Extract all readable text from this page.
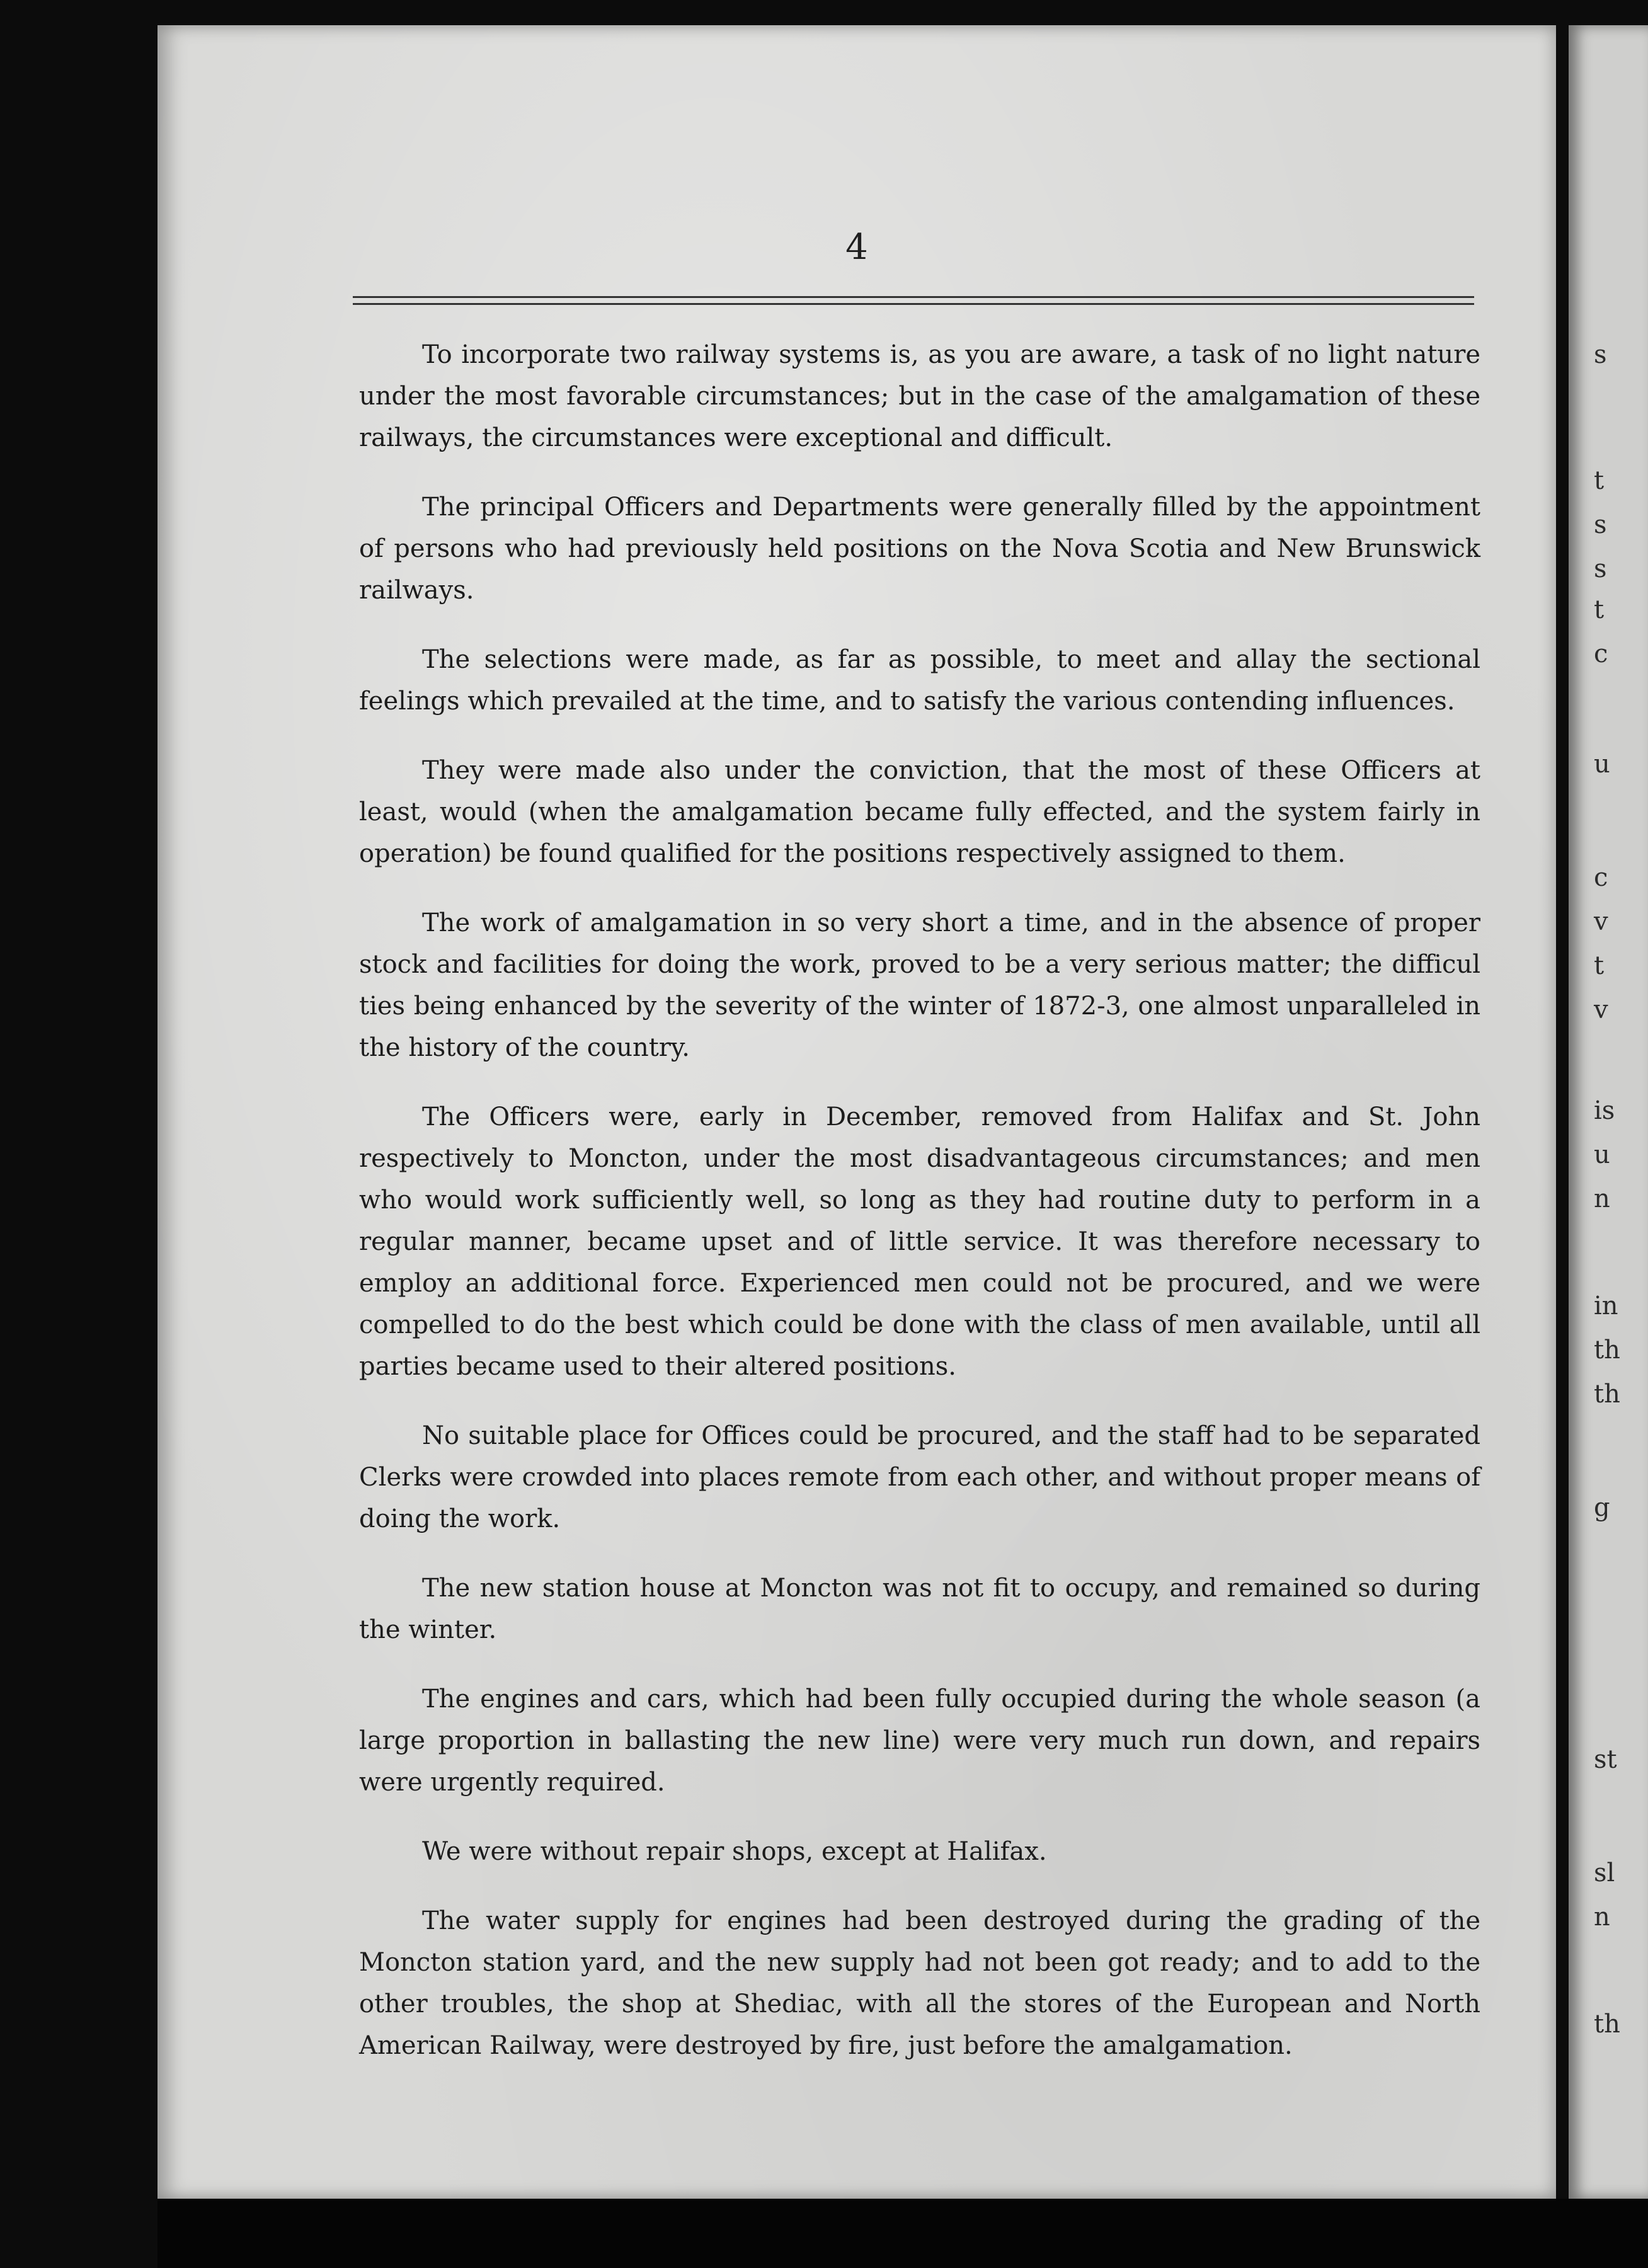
4

To incorporate two railway systems is, as you are aware, a task of no light nature under the most favorable circumstances; but in the case of the amalgamation of these railways, the circumstances were exceptional and difficult.

The principal Officers and Departments were generally filled by the appointment of persons who had previously held positions on the Nova Scotia and New Brunswick railways.

The selections were made, as far as possible, to meet and allay the sectional feelings which prevailed at the time, and to satisfy the various contending influences.

They were made also under the conviction, that the most of these Officers at least, would (when the amalgamation became fully effected, and the system fairly in operation) be found qualified for the positions respectively assigned to them.

The work of amalgamation in so very short a time, and in the absence of proper stock and facilities for doing the work, proved to be a very serious matter; the difficul ties being enhanced by the severity of the winter of 1872-3, one almost unparalleled in the history of the country.

The Officers were, early in December, removed from Halifax and St. John respectively to Moncton, under the most disadvantageous circumstances; and men who would work sufficiently well, so long as they had routine duty to perform in a regular manner, became upset and of little service. It was therefore necessary to employ an additional force. Experienced men could not be procured, and we were compelled to do the best which could be done with the class of men available, until all parties became used to their altered positions.

No suitable place for Offices could be procured, and the staff had to be separated Clerks were crowded into places remote from each other, and without proper means of doing the work.

The new station house at Moncton was not fit to occupy, and remained so during the winter.

The engines and cars, which had been fully occupied during the whole season (a large proportion in ballasting the new line) were very much run down, and repairs were urgently required.

We were without repair shops, except at Halifax.

The water supply for engines had been destroyed during the grading of the Moncton station yard, and the new supply had not been got ready; and to add to the other troubles, the shop at Shediac, with all the stores of the European and North American Railway, were destroyed by fire, just before the amalgamation.

s
t
s
s
t
c
u
c
v
t
v
is
u
n
in
th
th
g
st
sl
n
th
